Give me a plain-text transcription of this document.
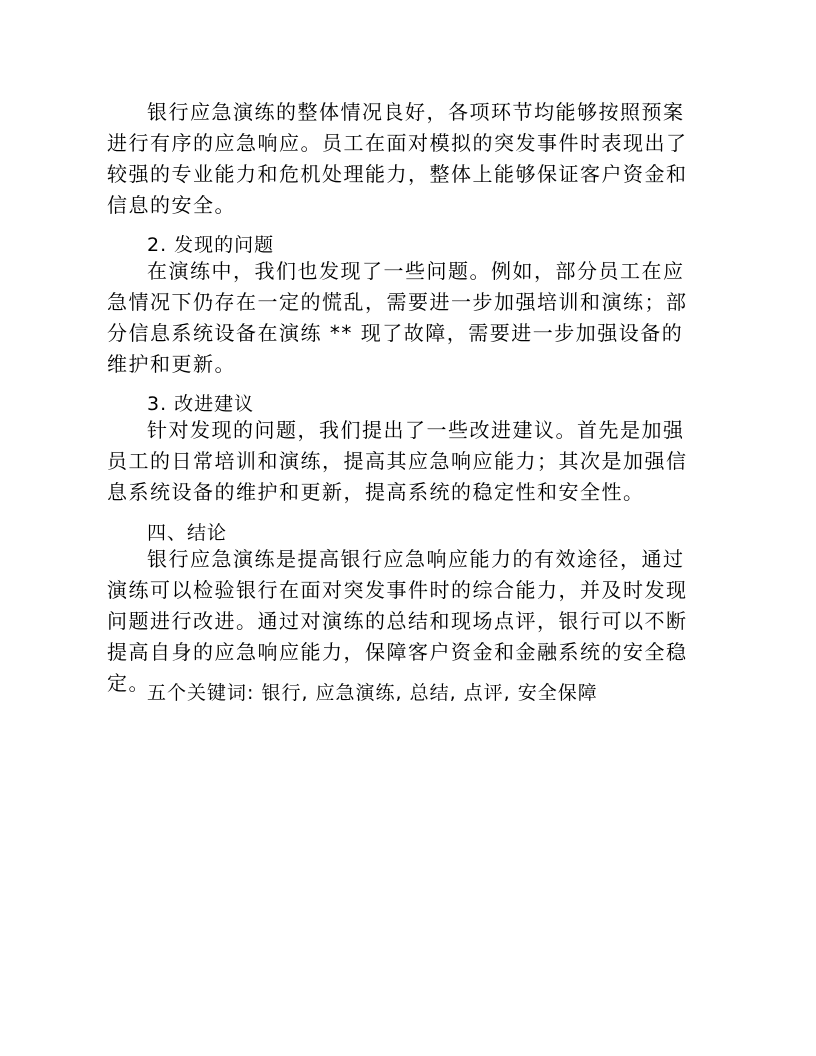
银行应急演练的整体情况良好，各项环节均能够按照预案进行有序的应急响应。员工在面对模拟的突发事件时表现出了较强的专业能力和危机处理能力，整体上能够保证客户资金和信息的安全。

2. 发现的问题

在演练中，我们也发现了一些问题。例如，部分员工在应急情况下仍存在一定的慌乱，需要进一步加强培训和演练；部分信息系统设备在演练 ** 现了故障，需要进一步加强设备的维护和更新。

3. 改进建议

针对发现的问题，我们提出了一些改进建议。首先是加强员工的日常培训和演练，提高其应急响应能力；其次是加强信息系统设备的维护和更新，提高系统的稳定性和安全性。

四、结论

银行应急演练是提高银行应急响应能力的有效途径，通过演练可以检验银行在面对突发事件时的综合能力，并及时发现问题进行改进。通过对演练的总结和现场点评，银行可以不断提高自身的应急响应能力，保障客户资金和金融系统的安全稳定。

五个关键词: 银行, 应急演练, 总结, 点评, 安全保障
